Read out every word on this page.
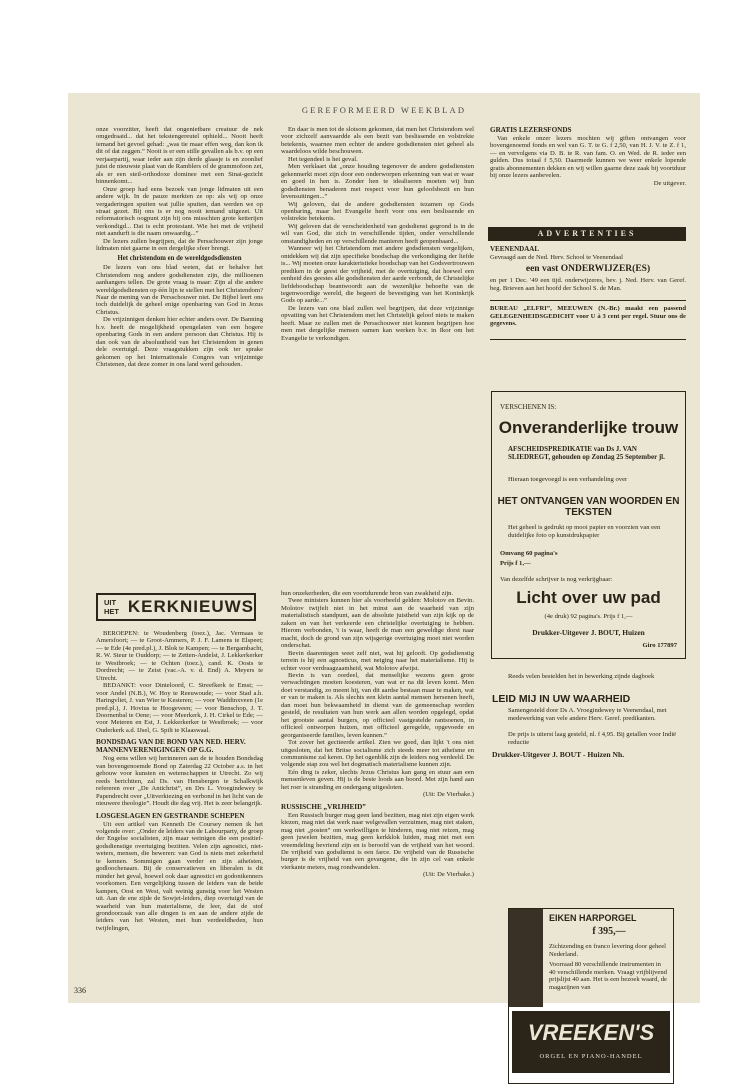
GEREFORMEERD WEEKBLAD

onze voorzitter, heeft dat ongenietbare creatuur de nek omgedraaid... dat het tekstengereutel ophield... Nooit heeft iemand het gevoel gehad: „was tie maar effen weg, dan kon ik dit of dat zeggen.” Nooit is er een stille gevallen als b.v. op een verjaarpartij, waar ieder aan zijn derde glaasje is en zoonlief juist de nieuwste plaat van de Ramblers of de grammofoon zet, als er een steil-orthodoxe dominee met een Sinai-gezicht binnenkomt...

Onze groep had eens bezoek van jonge lidmaten uit een andere wijk. In de pauze merkten ze op: als wij op onze vergaderingen spuiten wat jullie spuiten, dan werden we op straat gezet. Bij ons is er nog nooit iemand uitgezet. Uit reformatorisch oogpunt zijn bij ons misschien grote ketterijen verkondigd... Dat is echt protestant. Wie het met de vrijheid niet aandurft is die naam onwaardig...”

De lezers zullen begrijpen, dat de Persschouwer zijn jonge lidmaten niet gaarne in een dergelijke sfeer brengt.

Het christendom en de wereldgodsdiensten

De lezers van ons blad weten, dat er behalve het Christendom nog andere godsdiensten zijn, die millioenen aanhangers tellen. De grote vraag is maar: Zijn al die andere wereldgodsdiensten op één lijn te stellen met het Christendom? Naar de mening van de Persschouwer niet. De Bijbel leert ons toch duidelijk de geheel enige openbaring van God in Jezus Christus.

De vrijzinnigen denken hier echter anders over. De Banning b.v. heeft de mogelijkheid opengelaten van een hogere openbaring Gods in een andere persoon dan Christus. Hij is dan ook van de absoluutheid van het Christendom in genen dele overtuigd. Deze vraagstukken zijn ook ter sprake gekomen op het Internationale Congres van vrijzinnige Christenen, dat deze zomer in ons land werd gehouden.

UIT HET KERKNIEUWS

BEROEPEN: te Woudenberg (toez.), Jac. Vermaas te Amersfoort; — te Groot-Ammers, P. J. F. Lamens te Elspeet; — te Ede (4e pred.pl.), J. Blok te Kampen; — te Bergambacht, R. W. Steur te Ouddorp; — te Zetten-Andelst, J. Lekkerkerker te Westbroek; — te Ochten (toez.), cand. K. Oosts te Dordrecht; — te Zeist (vac.-A. v. d. End) A. Meyers te Utrecht.

BEDANKT: voor Dinteloord, C. Streefkerk te Emst; — voor Andel (N.B.), W. Hoy te Reeuwoude; — voor Stad a.h. Haringvliet, J. van Wier te Kesteren; — voor Waddinxveen (1e pred.pl.), J. Hovius te Hoogeveen; — voor Benschop, J. T. Doornenbal te Oene; — voor Meerkerk, J. H. Cirkel te Ede; — voor Meteren en Est, J. Lekkerkerker te Westbroek; — voor Ouderkerk a.d. IJsel, G. Spilt te Klaaswaal.

BONDSDAG VAN DE BOND VAN NED. HERV. MANNENVERENIGINGEN OP G.G.

Nog eens willen wij herinneren aan de te houden Bondsdag van bovengenoemde Bond op Zaterdag 22 October a.s. in het gebouw voor kunsten en wetenschappen te Utrecht. Zo wij reeds berichtten, zal Ds. van Hensbergen te Schalkwijk refereren over „De Antichrist”, en Drs L. Vroegindewey te Papendrecht over „Uitverkiezing en verbond in het licht van de nieuwere theologie”. Houdt die dag vrij. Het is zeer belangrijk.

LOSGESLAGEN EN GESTRANDE SCHEPEN

Uit een artikel van Kenneth De Coursey nemen ik het volgende over: „Onder de leiders van de Labourparty, de groep der Engelse socialisten, zijn maar weinigen die een positief-godsdienstige overtuiging bezitten. Velen zijn agnostici, niet-weters, mensen, die beweren: van God is niets met zekerheid te kennen. Sommigen gaan verder en zijn atheïsten, godloochenaars. Bij de conservatieven en liberalen is dit minder het geval, hoewel ook daar agnostici en godontkenners voorkomen. Een vergelijking tussen de leiders van de beide kampen, Oost en West, valt weinig gunstig voor het Westen uit. Aan de ene zijde de Sowjet-leiders, diep overtuigd van de waarheid van hun materialisme, de leer, dat de stof grondoorzaak van alle dingen is en aan de andere zijde de leiders van het Westen, met hun verdeeldheden, hun twijfelingen,

336

En daar is men tot de slotsom gekomen, dat men het Christendom wel voor zichzelf aanvaardde als een bezit van beslissende en volstrekte betekenis, waarnee men echter de andere godsdiensten niet geheel als waardeloos wilde beschouwen.

Het tegendeel is het geval.

Men verklaart dat „onze houding tegenover de andere godsdiensten gekenmerkt moet zijn door een onderworpen erkenning van wat er waar en goed in hen is. Zonder hen te idealiseren moeten wij hun godsdiensten benaderen met respect voor hun geloofsbezit en hun levensuitingen...”

Wij geloven, dat de andere godsdiensten tezamen op Gods openbaring, maar het Evangelie heeft voor ons een beslissende en volstrekte betekenis.

Wij geloven dat de verscheidenheid van godsdienst gegrond is in de wil van God, die zich in verschillende tijden, onder verschillende omstandigheden en op verschillende manieren heeft geopenbaard...

Wanneer wij het Christendom met andere godsdiensten vergelijken, ontdekken wij dat zijn specifieke boodschap die verkondiging der liefde is... Wij moeten onze karakteristieke boodschap van het Godsvertrouwen prediken in de geest der vrijheid, met de overtuiging, dat hoewel een eenheid des geestes alle godsdiensten der aarde verbondt, de Christelijke liefdeboodschap beantwoordt aan de wezenlijke behoefte van de tegenwoordige wereld, die begeert de bevestiging van het Koninkrijk Gods op aarde...”

De lezers van ons blad zullen wel begrijpen, dat deze vrijzinnige opvatting van het Christendom met het Christelijk geloof niets te maken heeft. Maar ze zullen met de Persschouwer niet kunnen begrijpen hoe men met dergelijke mensen samen kan werken b.v. in Ikor om het Evangelie te verkondigen.

hun onzekerheden, die een voortdurende bron van zwakheid zijn.

Twee ministers kunnen hier als voorbeeld gelden: Molotov en Bevin. Molotov twijfelt niet in het minst aan de waarheid van zijn materialistisch standpunt, aan de absolute juistheid van zijn kijk op de zaken en van het verkeerde een christelijke overtuiging te hebben. Hierom verbonden, 't is waar, heeft de man een geweldige dorst naar macht, doch de grond van zijn wijsgerige overtuiging moet niet worden onderschat.

Bevin daarentegen weet zelf niet, wat hij gelooft. Op godsdienstig terrein is hij een agnosticus, met neiging naar het materialisme. Hij is echter voor verdraagzaamheid, wat Molotov afwijst.

Bevin is van oordeel, dat menselijke wezens geen grote verwachtingen moeten koesteren, van wat er na dit leven komt. Men doet verstandig, zo meent hij, van dit aardse bestaan maar te maken, wat er van te maken is. Als slechts een klein aantal mensen hersenen heeft, dan moet hun bekwaamheid in dienst van de gemeenschap worden gesteld, de resultaten van hun werk aan allen worden opgelegd, opdat het grootste aantal burgers, op officieel vastgestelde rantsoenen, in officieel ontworpen huizen, met officieel geregelde, opgevoede en georganiseerde families, leven kunnen.”

Tot zover het geciteerde artikel. Zien we goed, dan lijkt 't ons niet uitgesloten, dat het Britse socialisme zich steeds meer tot atheïsme en communisme zal keren. Op het ogenblik zijn de leiders nog verdeeld. De volgende stap zou wel het dogmatisch materialisme kunnen zijn.

Eén ding is zeker, slechts Jezus Christus kan gang en stuur aan een mensenleven geven. Hij is de beste loods aan boord. Met zijn hand aan het roer is stranding en ondergang uitgesloten.

(Uit: De Vierbake.)

RUSSISCHE „VRIJHEID”

Een Russisch burger mag geen land bezitten, mag niet zijn eigen werk kiezen, mag niet dat werk naar welgevallen verzuimen, mag niet staken, mag niet „posten” om werkwilligen te hinderen, mag niet reizen, mag geen juwelen bezitten, mag geen kerkklok luiden, mag niet met een vreemdeling bevriend zijn en is beroofd van de vrijheid van het woord. De vrijheid van godsdienst is een farce. De vrijheid van de Russische burger is de vrijheid van een gevangene, die in zijn cel van enkele vierkante meters, mag rondwandelen.

(Uit: De Vierbake.)

GRATIS LEZERSFONDS

Van enkele onzer lezers mochten wij giften ontvangen voor bovengenoemd fonds en wel van G. T. te G. f 2,50, van H. J. V. te Z. f 1,— en vervolgens via D. B. te R. van fam. O. en Wed. de R. ieder een gulden. Dus totaal f 5,50. Daarmede kunnen we weer enkele lopende gratis abonnementen dekken en wij willen gaarne deze zaak bij voortduur bij onze lezers aanbevelen.

De uitgever.

ADVERTENTIES
VEENENDAAL
Gevraagd aan de Ned. Herv. School te Veenendaal
een vast ONDERWIJZER(ES)
en per 1 Dec. '49 een tijd. onderwijzeres, bev. j. Ned. Herv. van Geref. beg. Brieven aan het hoofd der School S. de Man.
BUREAU „ELFRI”, MEEUWEN (N.-Br.) maakt een passend GELEGENHEIDSGEDICHT voor U à 3 cent per regel. Stuur ons de gegevens.
VERSCHENEN IS:
Onveranderlijke trouw
AFSCHEIDSPREDIKATIE van Ds J. VAN SLIEDREGT, gehouden op Zondag 25 September jl.
Hieraan toegevoegd is een verhandeling over
HET ONTVANGEN VAN WOORDEN EN TEKSTEN
Het geheel is gedrukt op mooi papier en voorzien van een duidelijke foto op kunstdrukpapier
Omvang 60 pagina's
Prijs f 1,—
Van dezelfde schrijver is nog verkrijgbaar:
Licht over uw pad
(4e druk) 92 pagina's. Prijs f 1,—
Drukker-Uitgever J. BOUT, Huizen
Giro 177897
Reeds velen bestelden het in bewerking zijnde dagboek
LEID MIJ IN UW WAARHEID
Samengesteld door Ds A. Vroegindewey te Veenendaal, met medewerking van vele andere Herv. Geref. predikanten.
De prijs is uiterst laag gesteld, nl. f 4,95. Bij getallen voor Indië reductie
Drukker-Uitgever J. BOUT - Huizen Nh.
EIKEN HARPORGEL
f 395,—
Zichtzending en franco levering door geheel Nederland.
Voorraad 80 verschillende instrumenten in 40 verschillende merken. Vraagt vrijblijvend prijslijst 40 aan. Het is een bezoek waard, de magazijnen van
VREEKEN'S
ORGEL EN PIANO-HANDEL
